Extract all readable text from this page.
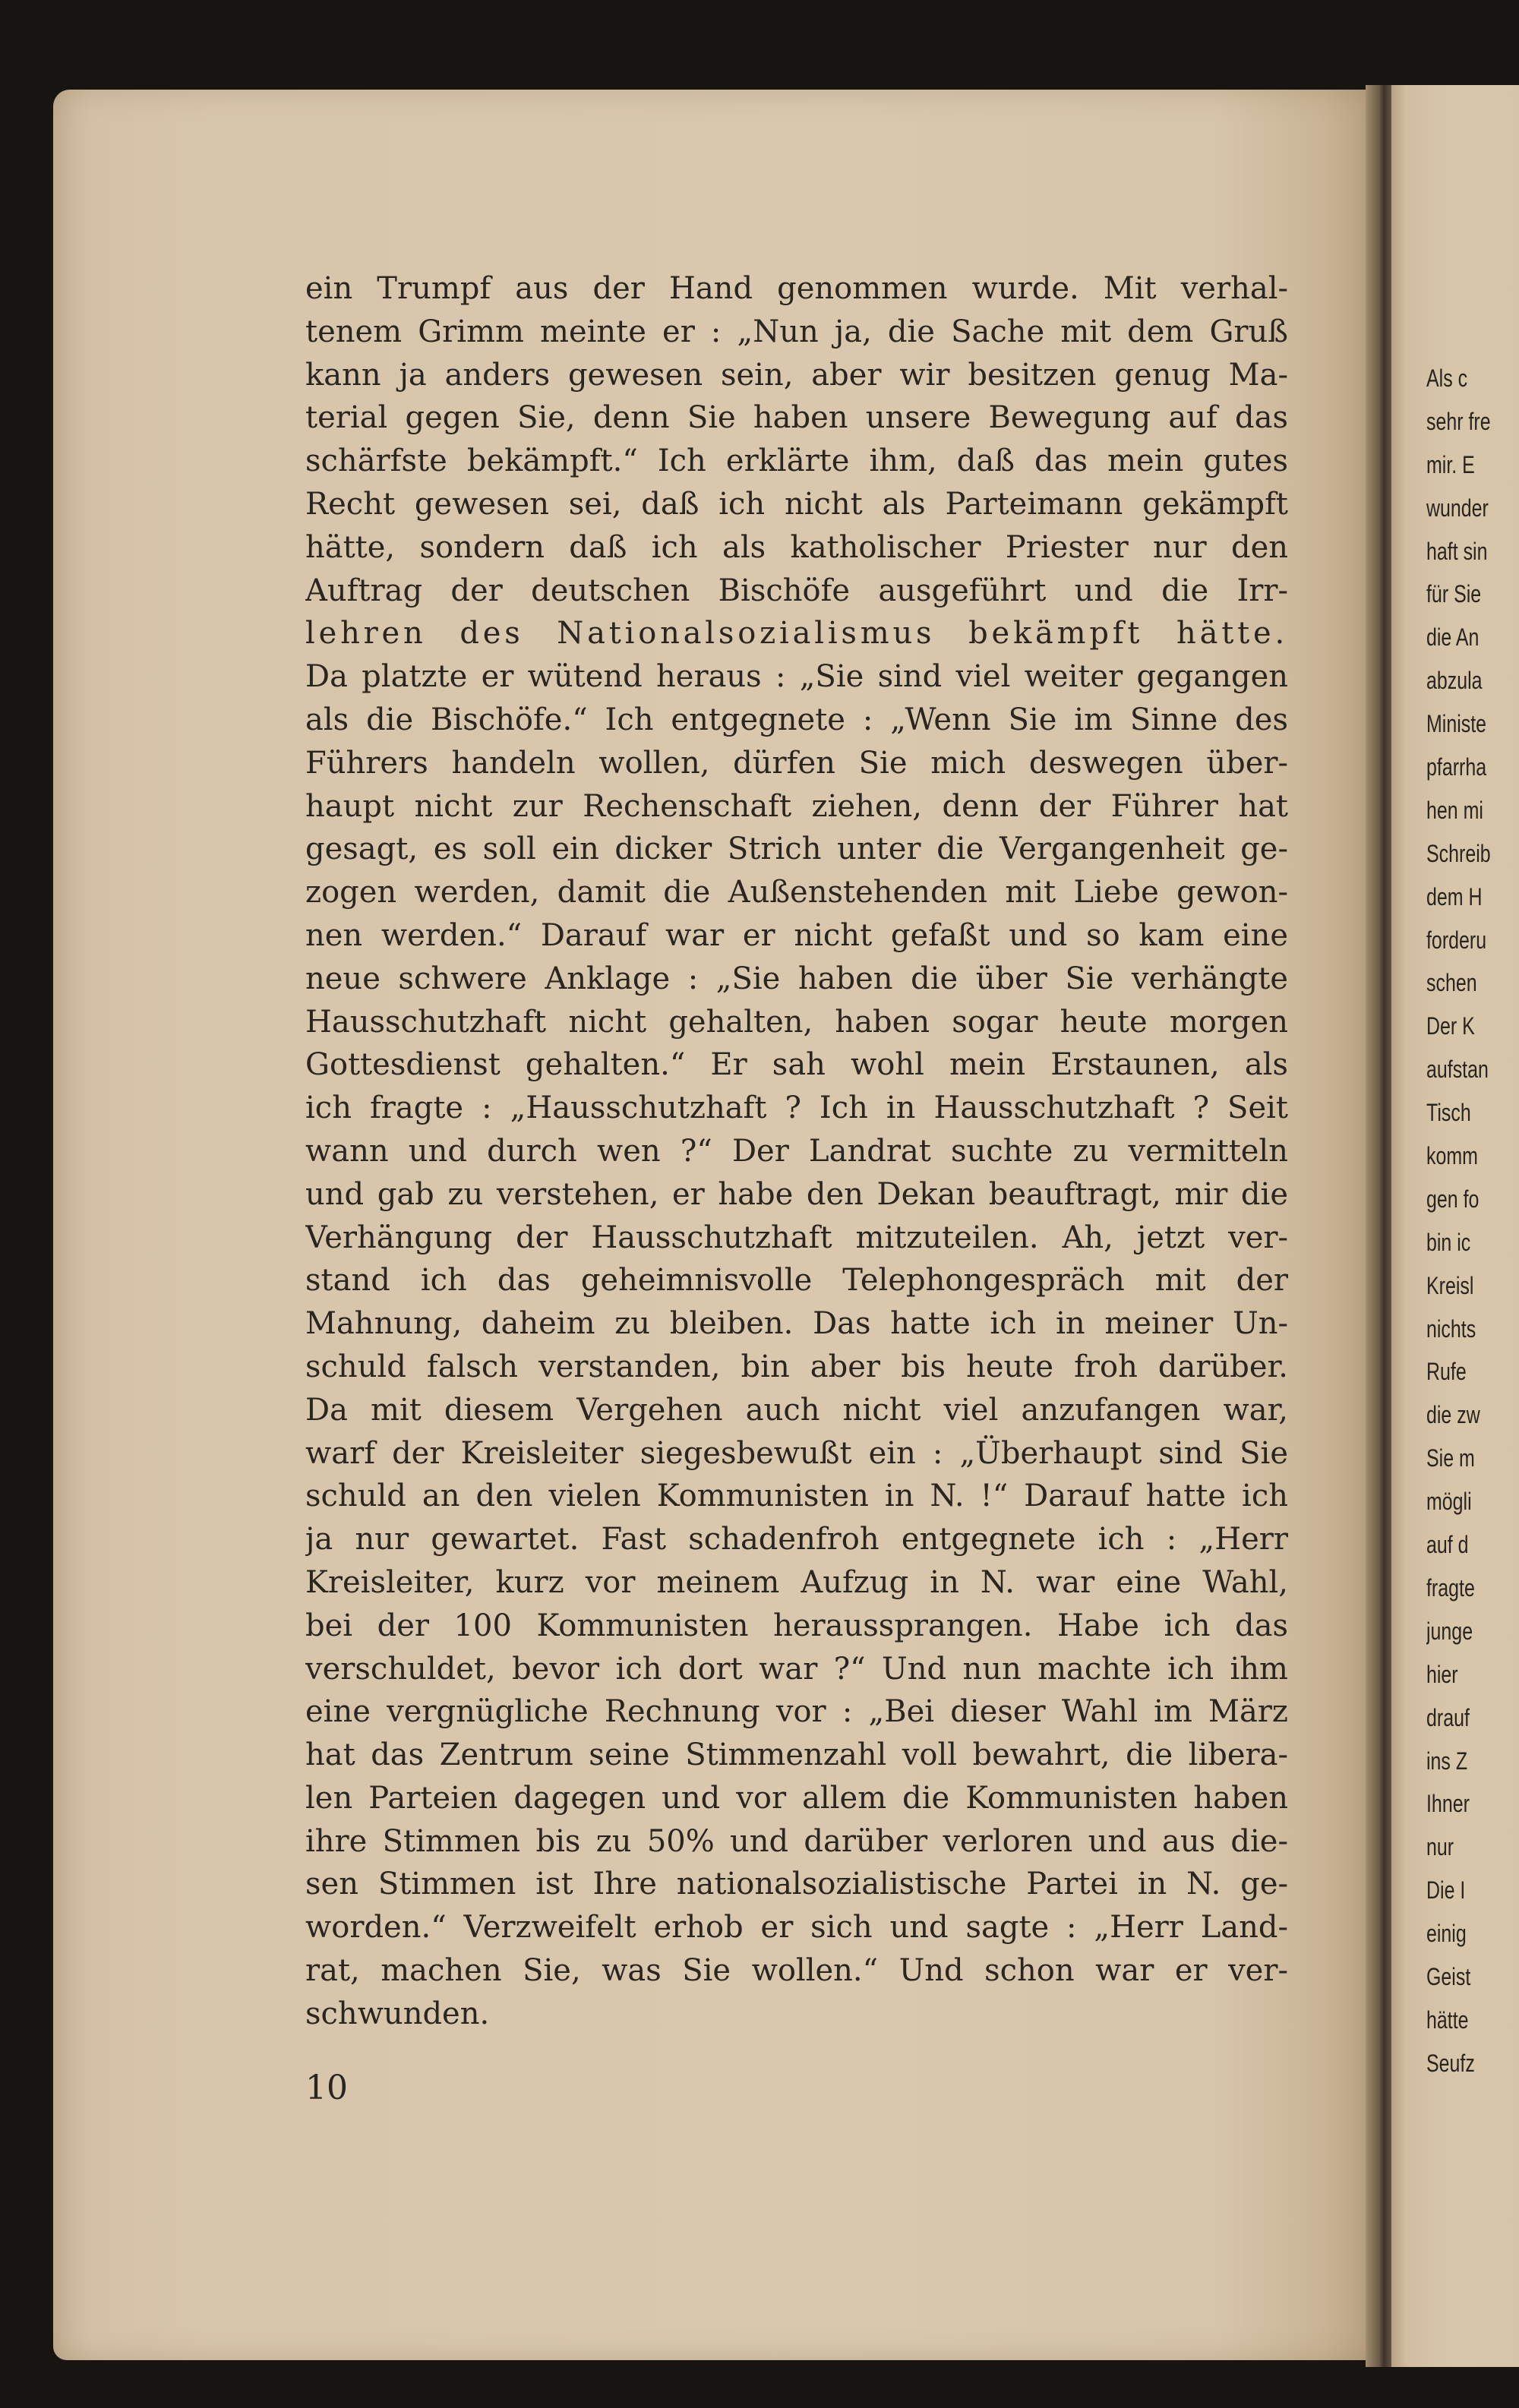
ein Trumpf aus der Hand genommen wurde. Mit verhal-
tenem Grimm meinte er : „Nun ja, die Sache mit dem Gruß
kann ja anders gewesen sein, aber wir besitzen genug Ma-
terial gegen Sie, denn Sie haben unsere Bewegung auf das
schärfste bekämpft.“ Ich erklärte ihm, daß das mein gutes
Recht gewesen sei, daß ich nicht als Parteimann gekämpft
hätte, sondern daß ich als katholischer Priester nur den
Auftrag der deutschen Bischöfe ausgeführt und die Irr-
lehren des Nationalsozialismus bekämpft hätte.
Da platzte er wütend heraus : „Sie sind viel weiter gegangen
als die Bischöfe.“ Ich entgegnete : „Wenn Sie im Sinne des
Führers handeln wollen, dürfen Sie mich deswegen über-
haupt nicht zur Rechenschaft ziehen, denn der Führer hat
gesagt, es soll ein dicker Strich unter die Vergangenheit ge-
zogen werden, damit die Außenstehenden mit Liebe gewon-
nen werden.“ Darauf war er nicht gefaßt und so kam eine
neue schwere Anklage : „Sie haben die über Sie verhängte
Hausschutzhaft nicht gehalten, haben sogar heute morgen
Gottesdienst gehalten.“ Er sah wohl mein Erstaunen, als
ich fragte : „Hausschutzhaft ? Ich in Hausschutzhaft ? Seit
wann und durch wen ?“ Der Landrat suchte zu vermitteln
und gab zu verstehen, er habe den Dekan beauftragt, mir die
Verhängung der Hausschutzhaft mitzuteilen. Ah, jetzt ver-
stand ich das geheimnisvolle Telephongespräch mit der
Mahnung, daheim zu bleiben. Das hatte ich in meiner Un-
schuld falsch verstanden, bin aber bis heute froh darüber.
Da mit diesem Vergehen auch nicht viel anzufangen war,
warf der Kreisleiter siegesbewußt ein : „Überhaupt sind Sie
schuld an den vielen Kommunisten in N. !“ Darauf hatte ich
ja nur gewartet. Fast schadenfroh entgegnete ich : „Herr
Kreisleiter, kurz vor meinem Aufzug in N. war eine Wahl,
bei der 100 Kommunisten heraussprangen. Habe ich das
verschuldet, bevor ich dort war ?“ Und nun machte ich ihm
eine vergnügliche Rechnung vor : „Bei dieser Wahl im März
hat das Zentrum seine Stimmenzahl voll bewahrt, die libera-
len Parteien dagegen und vor allem die Kommunisten haben
ihre Stimmen bis zu 50% und darüber verloren und aus die-
sen Stimmen ist Ihre nationalsozialistische Partei in N. ge-
worden.“ Verzweifelt erhob er sich und sagte : „Herr Land-
rat, machen Sie, was Sie wollen.“ Und schon war er ver-
schwunden.
10
Als c
sehr fre
mir. E
wunder
haft sin
für Sie
die An
abzula
Ministe
pfarrha
hen mi
Schreib
dem H
forderu
schen
Der K
aufstan
Tisch
komm
gen fo
bin ic
Kreisl
nichts
Rufe
die zw
Sie m
mögli
auf d
fragte
junge
hier
drauf
ins Z
Ihner
nur
Die I
einig
Geist
hätte
Seufz
